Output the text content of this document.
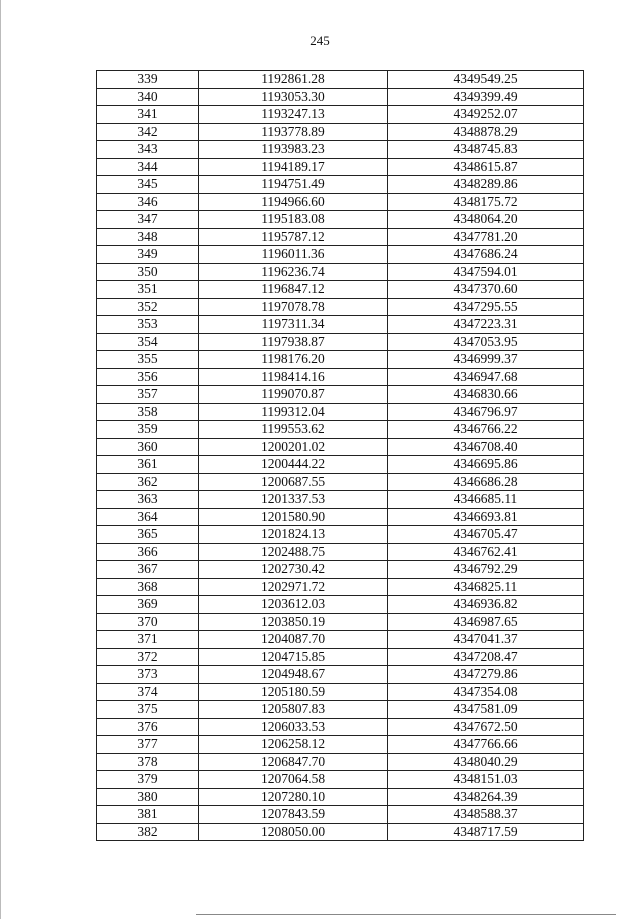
245
339	1192861.28	4349549.25
340	1193053.30	4349399.49
341	1193247.13	4349252.07
342	1193778.89	4348878.29
343	1193983.23	4348745.83
344	1194189.17	4348615.87
345	1194751.49	4348289.86
346	1194966.60	4348175.72
347	1195183.08	4348064.20
348	1195787.12	4347781.20
349	1196011.36	4347686.24
350	1196236.74	4347594.01
351	1196847.12	4347370.60
352	1197078.78	4347295.55
353	1197311.34	4347223.31
354	1197938.87	4347053.95
355	1198176.20	4346999.37
356	1198414.16	4346947.68
357	1199070.87	4346830.66
358	1199312.04	4346796.97
359	1199553.62	4346766.22
360	1200201.02	4346708.40
361	1200444.22	4346695.86
362	1200687.55	4346686.28
363	1201337.53	4346685.11
364	1201580.90	4346693.81
365	1201824.13	4346705.47
366	1202488.75	4346762.41
367	1202730.42	4346792.29
368	1202971.72	4346825.11
369	1203612.03	4346936.82
370	1203850.19	4346987.65
371	1204087.70	4347041.37
372	1204715.85	4347208.47
373	1204948.67	4347279.86
374	1205180.59	4347354.08
375	1205807.83	4347581.09
376	1206033.53	4347672.50
377	1206258.12	4347766.66
378	1206847.70	4348040.29
379	1207064.58	4348151.03
380	1207280.10	4348264.39
381	1207843.59	4348588.37
382	1208050.00	4348717.59
